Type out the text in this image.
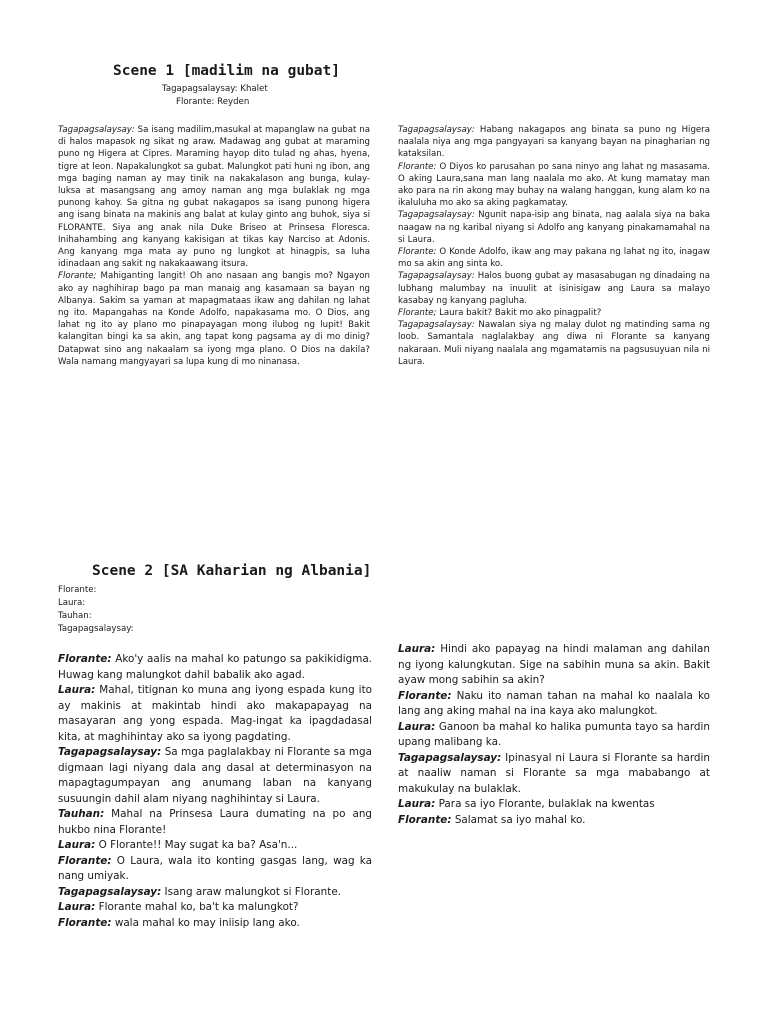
Scene 1 [madilim na gubat]
Tagapagsalaysay: Khalet
Florante: Reyden

Tagapagsalaysay: Sa isang madilim,masukal at mapanglaw na gubat na di halos mapasok ng sikat ng araw. Madawag ang gubat at maraming puno ng Higera at Cipres. Maraming hayop dito tulad ng ahas, hyena, tigre at leon. Napakalungkot sa gubat. Malungkot pati huni ng ibon, ang mga baging naman ay may tinik na nakakalason ang bunga, kulay-luksa at masangsang ang amoy naman ang mga bulaklak ng mga punong kahoy. Sa gitna ng gubat nakagapos sa isang punong higera ang isang binata na makinis ang balat at kulay ginto ang buhok, siya si FLORANTE. Siya ang anak nila Duke Briseo at Prinsesa Floresca. Inihahambing ang kanyang kakisigan at tikas kay Narciso at Adonis. Ang kanyang mga mata ay puno ng lungkot at hinagpis, sa luha idinadaan ang sakit ng nakakaawang itsura.

Florante; Mahiganting langit! Oh ano nasaan ang bangis mo? Ngayon ako ay naghihirap bago pa man manaig ang kasamaan sa bayan ng Albanya. Sakim sa yaman at mapagmataas ikaw ang dahilan ng lahat ng ito. Mapangahas na Konde Adolfo, napakasama mo. O Dios, ang lahat ng ito ay plano mo pinapayagan mong ilubog ng lupit! Bakit kalangitan bingi ka sa akin, ang tapat kong pagsama ay di mo dinig? Datapwat sino ang nakaalam sa iyong mga plano. O Dios na dakila? Wala namang mangyayari sa lupa kung di mo ninanasa.

Tagapagsalaysay: Habang nakagapos ang binata sa puno ng Higera naalala niya ang mga pangyayari sa kanyang bayan na pinagharian ng kataksilan.

Florante: O Diyos ko parusahan po sana ninyo ang lahat ng masasama. O aking Laura,sana man lang naalala mo ako. At kung mamatay man ako para na rin akong may buhay na walang hanggan, kung alam ko na ikaluluha mo ako sa aking pagkamatay.

Tagapagsalaysay: Ngunit napa-isip ang binata, nag aalala siya na baka naagaw na ng karibal niyang si Adolfo ang kanyang pinakamamahal na si Laura.

Florante: O Konde Adolfo, ikaw ang may pakana ng lahat ng ito, inagaw mo sa akin ang sinta ko.

Tagapagsalaysay: Halos buong gubat ay masasabugan ng dinadaing na lubhang malumbay na inuulit at isinisigaw ang Laura sa malayo kasabay ng kanyang pagluha.

Florante; Laura bakit? Bakit mo ako pinagpalit?

Tagapagsalaysay: Nawalan siya ng malay dulot ng matinding sama ng loob. Samantala naglalakbay ang diwa ni Florante sa kanyang nakaraan. Muli niyang naalala ang mgamatamis na pagsusuyuan nila ni Laura.

Scene 2 [SA Kaharian ng Albania]
Florante:
Laura:
Tauhan:
Tagapagsalaysay:

Florante: Ako'y aalis na mahal ko patungo sa pakikidigma. Huwag kang malungkot dahil babalik ako agad.

Laura: Mahal, titignan ko muna ang iyong espada kung ito ay makinis at makintab hindi ako makapapayag na masayaran ang yong espada. Mag-ingat ka ipagdadasal kita, at maghihintay ako sa iyong pagdating.

Tagapagsalaysay: Sa mga paglalakbay ni Florante sa mga digmaan lagi niyang dala ang dasal at determinasyon na mapagtagumpayan ang anumang laban na kanyang susuungin dahil alam niyang naghihintay si Laura.

Tauhan: Mahal na Prinsesa Laura dumating na po ang hukbo nina Florante!

Laura: O Florante!! May sugat ka ba? Asa'n...

Florante: O Laura, wala ito konting gasgas lang, wag ka nang umiyak.

Tagapagsalaysay: Isang araw malungkot si Florante.

Laura: Florante mahal ko, ba't ka malungkot?

Florante: wala mahal ko may iniisip lang ako.

Laura: Hindi ako papayag na hindi malaman ang dahilan ng iyong kalungkutan. Sige na sabihin muna sa akin. Bakit ayaw mong sabihin sa akin?

Florante: Naku ito naman tahan na mahal ko naalala ko lang ang aking mahal na ina kaya ako malungkot.

Laura: Ganoon ba mahal ko halika pumunta tayo sa hardin upang malibang ka.

Tagapagsalaysay: Ipinasyal ni Laura si Florante sa hardin at naaliw naman si Florante sa mga mababango at makukulay na bulaklak.

Laura: Para sa iyo Florante, bulaklak na kwentas

Florante: Salamat sa iyo mahal ko.
